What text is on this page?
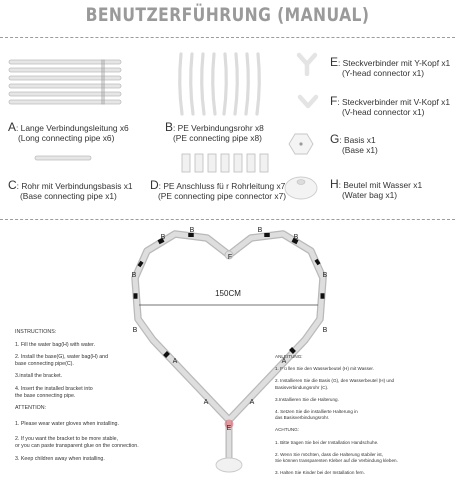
BENUTZERFÜHRUNG (MANUAL)
A: Lange Verbindungsleitung x6
(Long connecting pipe x6)
B: PE Verbindungsrohr x8
(PE connecting pipe x8)
C: Rohr mit Verbindungsbasis x1
(Base connecting pipe x1)
D: PE Anschluss fü r Rohrleitung x7
(PE connecting pipe connector x7)
E: Steckverbinder mit Y-Kopf x1
(Y-head connector x1)
F: Steckverbinder mit V-Kopf x1
(V-head connector x1)
G: Basis x1
(Base x1)
H: Beutel mit Wasser x1
(Water bag x1)
150CM
A
A
A
A
B
B
B
B
B
B
B
B
F
E

INSTRUCTIONS:

1. Fill the water bag(H) with water.

2. Install the base(G), water bag(H) and

base connecting pipe(C).

3.install the bracket.

4. Insert the installed bracket into

the base connecting pipe.

ATTENTION:

1. Please wear water gloves when installing.

2. If you want the bracket to be more stable,

or you can paste transparent glue on the connection.

3. Keep children away when installing.

ANLEITUNG:

1. F ü llen Sie den Wasserbeutel (H) mit Wasser.

2. Installieren Sie die Basis (G), den Wasserbeutel (H) und

Basisverbindungsrohr (C).

3.Installieren Sie die Halterung.

4. Setzen Sie die installierte Halterung in

das Basisverbindungsrohr.

ACHTUNG:

1. Bitte tragen Sie bei der Installation Handschuhe.

2. Wenn Sie möchten, dass die Halterung stabiler ist,

Sie können transparenten Kleber auf die Verbindung kleben.

3. Halten Sie Kinder bei der Installation fern.
